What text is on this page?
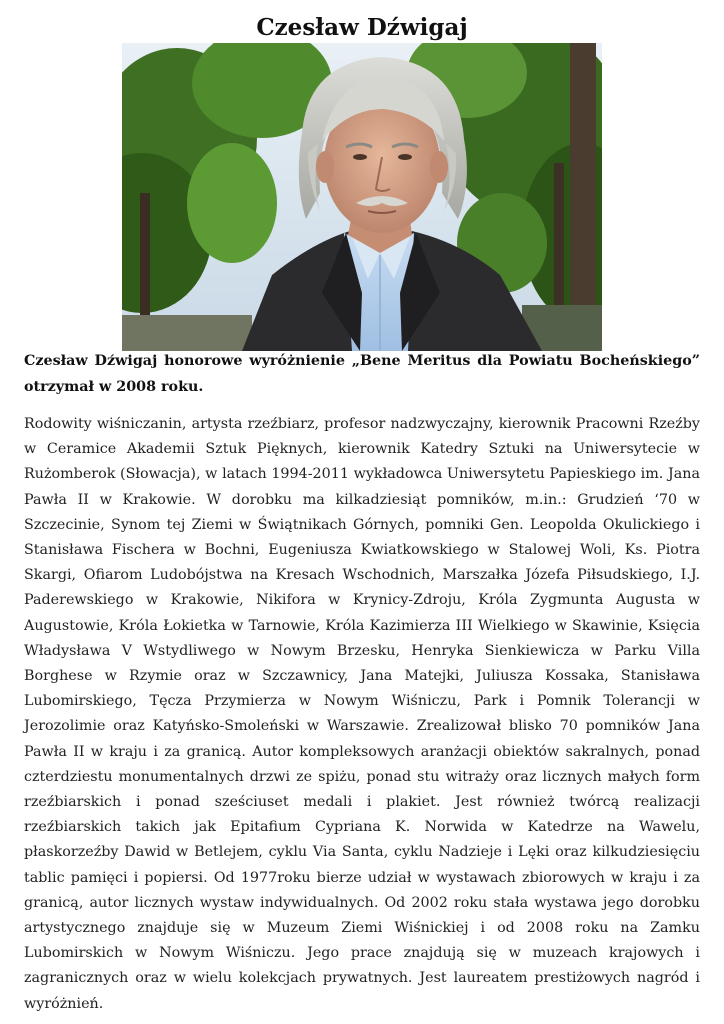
Czesław Dźwigaj

Czesław Dźwigaj honorowe wyróżnienie „Bene Meritus dla Powiatu Bocheńskiego” otrzymał w 2008 roku.

Rodowity wiśniczanin, artysta rzeźbiarz, profesor nadzwyczajny, kierownik Pracowni Rzeźby w Ceramice Akademii Sztuk Pięknych, kierownik Katedry Sztuki na Uniwersytecie w Rużomberok (Słowacja), w latach 1994-2011 wykładowca Uniwersytetu Papieskiego im. Jana Pawła II w Krakowie. W dorobku ma kilkadziesiąt pomników, m.in.: Grudzień ‘70 w Szczecinie, Synom tej Ziemi w Świątnikach Górnych, pomniki Gen. Leopolda Okulickiego i Stanisława Fischera w Bochni, Eugeniusza Kwiatkowskiego w Stalowej Woli, Ks. Piotra Skargi, Ofiarom Ludobójstwa na Kresach Wschodnich, Marszałka Józefa Piłsudskiego, I.J. Paderewskiego w Krakowie, Nikifora w Krynicy-Zdroju, Króla Zygmunta Augusta w Augustowie, Króla Łokietka w Tarnowie, Króla Kazimierza III Wielkiego w Skawinie, Księcia Władysława V Wstydliwego w Nowym Brzesku, Henryka Sienkiewicza w Parku Villa Borghese w Rzymie oraz w Szczawnicy, Jana Matejki, Juliusza Kossaka, Stanisława Lubomirskiego, Tęcza Przymierza w Nowym Wiśniczu, Park i Pomnik Tolerancji w Jerozolimie oraz Katyńsko-Smoleński w Warszawie. Zrealizował blisko 70 pomników Jana Pawła II w kraju i za granicą. Autor kompleksowych aranżacji obiektów sakralnych, ponad czterdziestu monumentalnych drzwi ze spiżu, ponad stu witraży oraz licznych małych form rzeźbiarskich i ponad sześciuset medali i plakiet. Jest również twórcą realizacji rzeźbiarskich takich jak Epitafium Cypriana K. Norwida w Katedrze na Wawelu, płaskorzeźby Dawid w Betlejem, cyklu Via Santa, cyklu Nadzieje i Lęki oraz kilkudziesięciu tablic pamięci i popiersi. Od 1977roku bierze udział w wystawach zbiorowych w kraju i za granicą, autor licznych wystaw indywidualnych. Od 2002 roku stała wystawa jego dorobku artystycznego znajduje się w Muzeum Ziemi Wiśnickiej i od 2008 roku na Zamku Lubomirskich w Nowym Wiśniczu. Jego prace znajdują się w muzeach krajowych i zagranicznych oraz w wielu kolekcjach prywatnych. Jest laureatem prestiżowych nagród i wyróżnień.
